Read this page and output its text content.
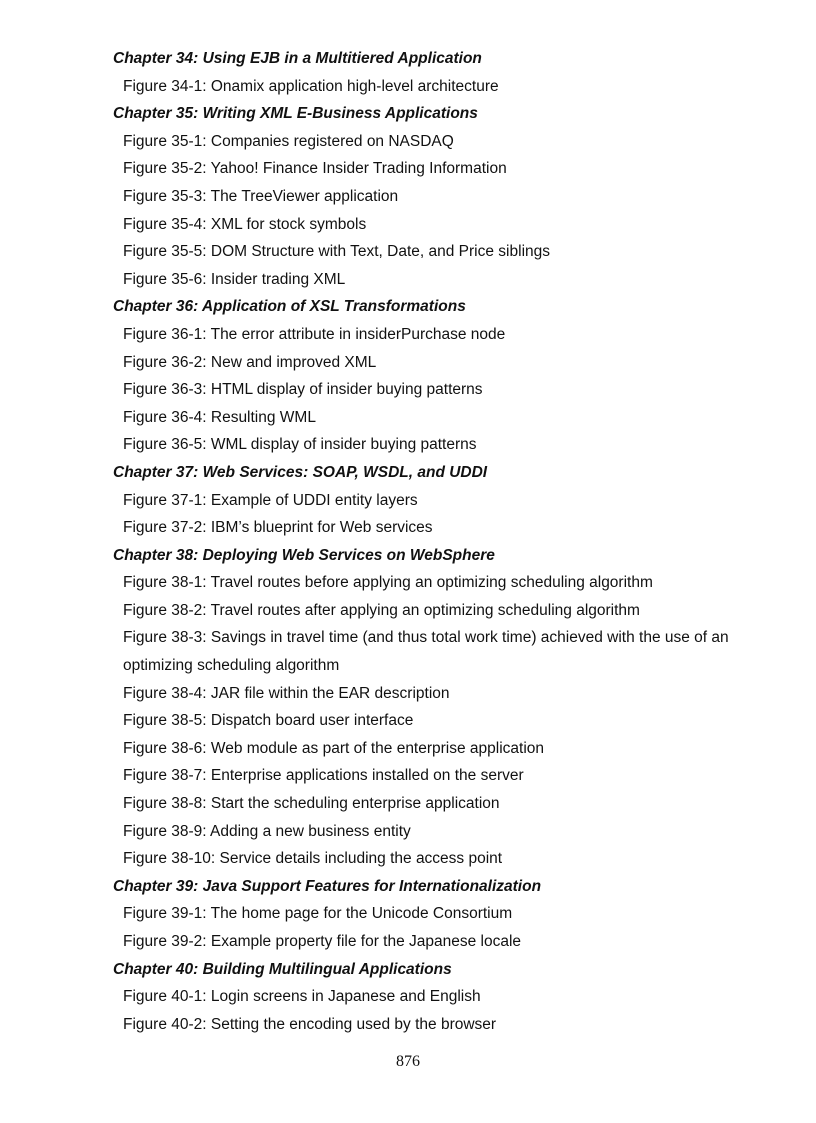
Chapter 34: Using EJB in a Multitiered Application
Figure 34-1: Onamix application high-level architecture
Chapter 35: Writing XML E-Business Applications
Figure 35-1: Companies registered on NASDAQ
Figure 35-2: Yahoo! Finance Insider Trading Information
Figure 35-3: The TreeViewer application
Figure 35-4: XML for stock symbols
Figure 35-5: DOM Structure with Text, Date, and Price siblings
Figure 35-6: Insider trading XML
Chapter 36: Application of XSL Transformations
Figure 36-1: The error attribute in insiderPurchase node
Figure 36-2: New and improved XML
Figure 36-3: HTML display of insider buying patterns
Figure 36-4: Resulting WML
Figure 36-5: WML display of insider buying patterns
Chapter 37: Web Services: SOAP, WSDL, and UDDI
Figure 37-1: Example of UDDI entity layers
Figure 37-2: IBM’s blueprint for Web services
Chapter 38: Deploying Web Services on WebSphere
Figure 38-1: Travel routes before applying an optimizing scheduling algorithm
Figure 38-2: Travel routes after applying an optimizing scheduling algorithm
Figure 38-3: Savings in travel time (and thus total work time) achieved with the use of an optimizing scheduling algorithm
Figure 38-4: JAR file within the EAR description
Figure 38-5: Dispatch board user interface
Figure 38-6: Web module as part of the enterprise application
Figure 38-7: Enterprise applications installed on the server
Figure 38-8: Start the scheduling enterprise application
Figure 38-9: Adding a new business entity
Figure 38-10: Service details including the access point
Chapter 39: Java Support Features for Internationalization
Figure 39-1: The home page for the Unicode Consortium
Figure 39-2: Example property file for the Japanese locale
Chapter 40: Building Multilingual Applications
Figure 40-1: Login screens in Japanese and English
Figure 40-2: Setting the encoding used by the browser
876
